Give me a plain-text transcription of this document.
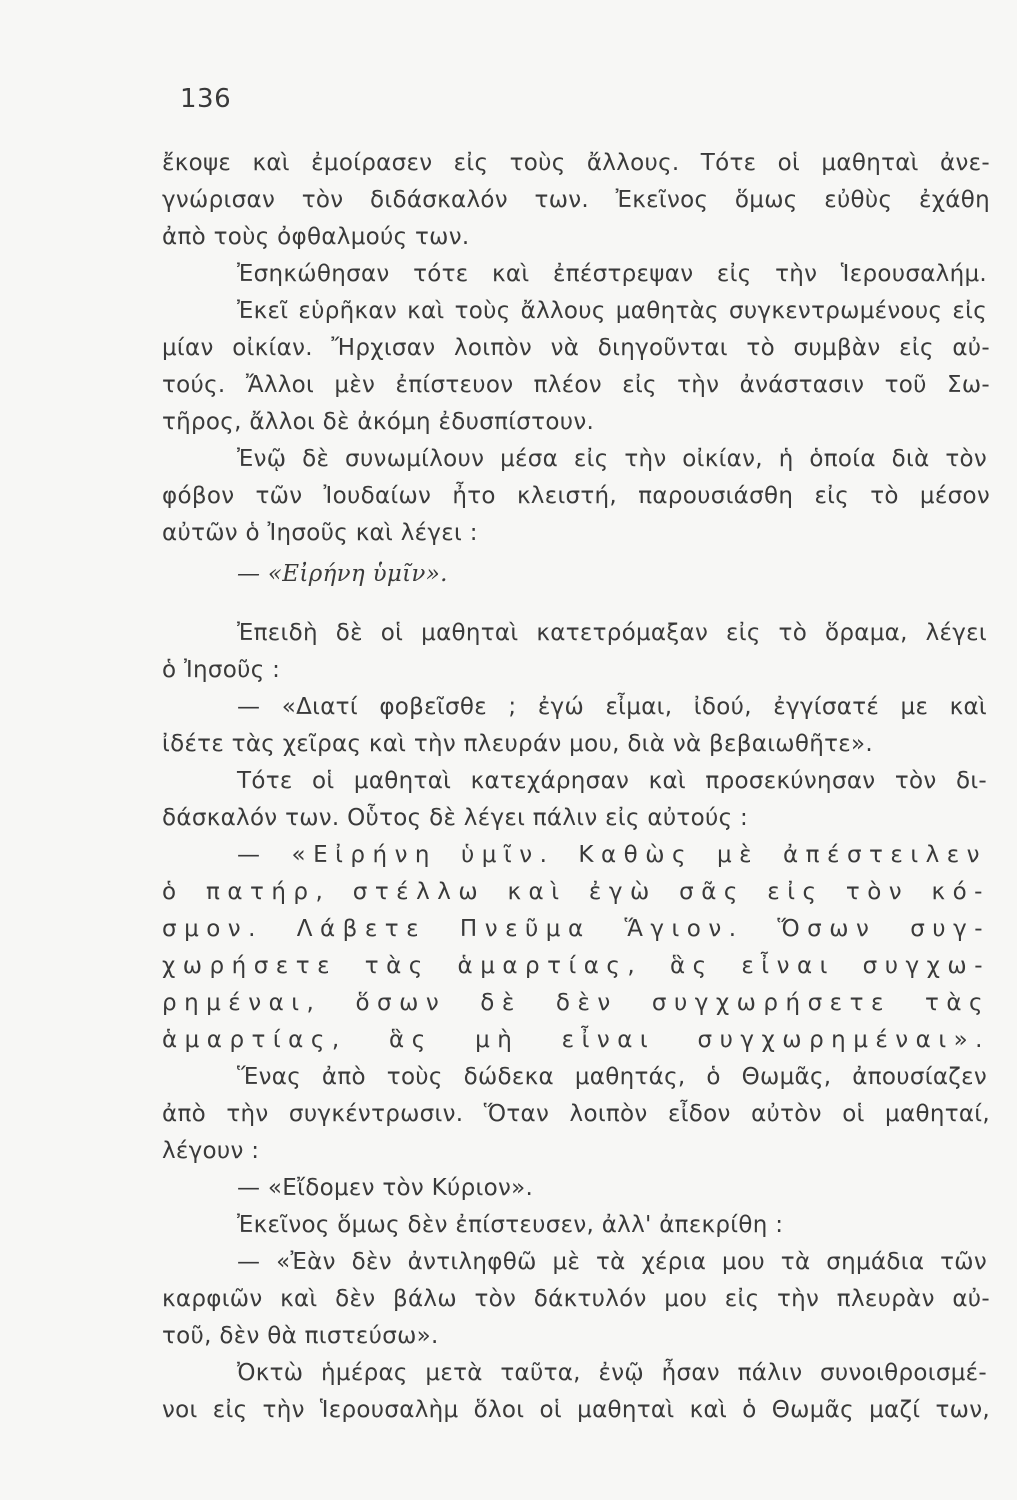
136
ἔκοψε καὶ ἐμοίρασεν εἰς τοὺς ἄλλους. Τότε οἱ μαθηταὶ ἀνε-
γνώρισαν τὸν διδάσκαλόν των. Ἐκεῖνος ὅμως εὐθὺς ἐχάθη
ἀπὸ τοὺς ὀφθαλμούς των.
Ἐσηκώθησαν τότε καὶ ἐπέστρεψαν εἰς τὴν Ἱερουσαλήμ.
Ἐκεῖ εὑρῆκαν καὶ τοὺς ἄλλους μαθητὰς συγκεντρωμένους εἰς
μίαν οἰκίαν. Ἤρχισαν λοιπὸν νὰ διηγοῦνται τὸ συμβὰν εἰς αὐ-
τούς. Ἄλλοι μὲν ἐπίστευον πλέον εἰς τὴν ἀνάστασιν τοῦ Σω-
τῆρος, ἄλλοι δὲ ἀκόμη ἐδυσπίστουν.
Ἐνῷ δὲ συνωμίλουν μέσα εἰς τὴν οἰκίαν, ἡ ὁποία διὰ τὸν
φόβον τῶν Ἰουδαίων ἦτο κλειστή, παρουσιάσθη εἰς τὸ μέσον
αὐτῶν ὁ Ἰησοῦς καὶ λέγει :
— «Εἰρήνη ὑμῖν».
Ἐπειδὴ δὲ οἱ μαθηταὶ κατετρόμαξαν εἰς τὸ ὅραμα, λέγει
ὁ Ἰησοῦς :
— «Διατί φοβεῖσθε ; ἐγώ εἶμαι, ἰδού, ἐγγίσατέ με καὶ
ἰδέτε τὰς χεῖρας καὶ τὴν πλευράν μου, διὰ νὰ βεβαιωθῆτε».
Τότε οἱ μαθηταὶ κατεχάρησαν καὶ προσεκύνησαν τὸν δι-
δάσκαλόν των. Οὗτος δὲ λέγει πάλιν εἰς αὐτούς :
— «Εἰρήνη ὑμῖν. Καθὼς μὲ ἀπέστειλεν
ὁ πατήρ, στέλλω καὶ ἐγὼ σᾶς εἰς τὸν κό-
σμον. Λάβετε Πνεῦμα Ἅγιον. Ὅσων συγ-
χωρήσετε τὰς ἁμαρτίας, ἃς εἶναι συγχω-
ρημέναι, ὅσων δὲ δὲν συγχωρήσετε τὰς
ἁμαρτίας, ἃς μὴ εἶναι συγχωρημέναι».
Ἕνας ἀπὸ τοὺς δώδεκα μαθητάς, ὁ Θωμᾶς, ἀπουσίαζεν
ἀπὸ τὴν συγκέντρωσιν. Ὅταν λοιπὸν εἶδον αὐτὸν οἱ μαθηταί,
λέγουν :
— «Εἴδομεν τὸν Κύριον».
Ἐκεῖνος ὅμως δὲν ἐπίστευσεν, ἀλλ' ἀπεκρίθη :
— «Ἐὰν δὲν ἀντιληφθῶ μὲ τὰ χέρια μου τὰ σημάδια τῶν
καρφιῶν καὶ δὲν βάλω τὸν δάκτυλόν μου εἰς τὴν πλευρὰν αὐ-
τοῦ, δὲν θὰ πιστεύσω».
Ὀκτὼ ἡμέρας μετὰ ταῦτα, ἐνῷ ἦσαν πάλιν συνοιθροισμέ-
νοι εἰς τὴν Ἱερουσαλὴμ ὅλοι οἱ μαθηταὶ καὶ ὁ Θωμᾶς μαζί των,
